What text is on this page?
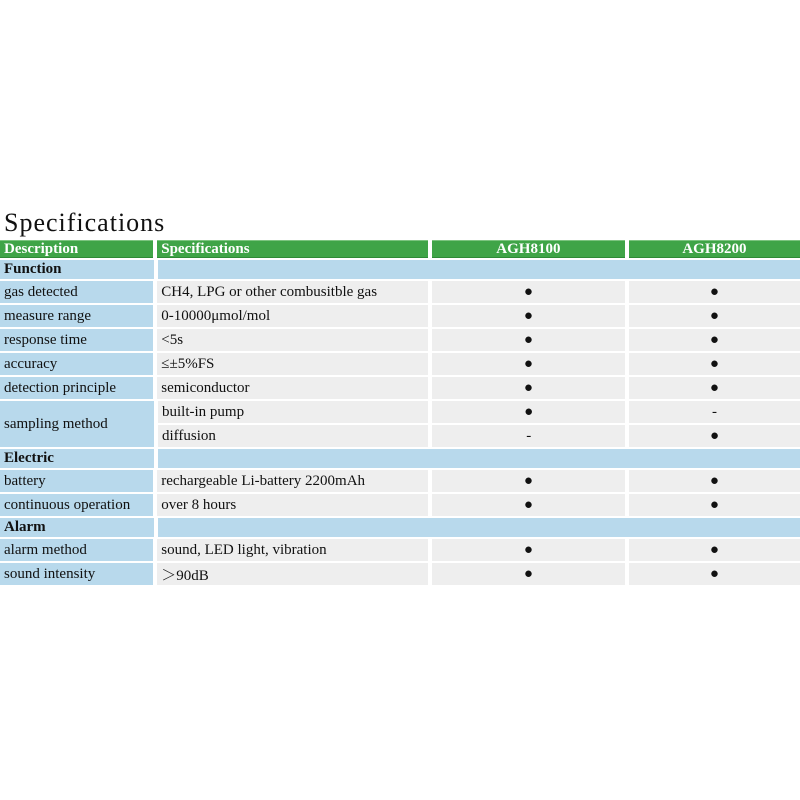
Specifications
Description	Specifications	AGH8100	AGH8200
Function
gas detected	CH4, LPG or other combusitble gas	●	●
measure range	0-10000μmol/mol	●	●
response time	<5s	●	●
accuracy	≤±5%FS	●	●
detection principle	semiconductor	●	●
sampling method
built-in pump	●	-
diffusion	-	●
Electric
battery	rechargeable Li-battery 2200mAh	●	●
continuous operation	over 8 hours	●	●
Alarm
alarm method	sound, LED light, vibration	●	●
sound intensity	＞90dB	●	●
